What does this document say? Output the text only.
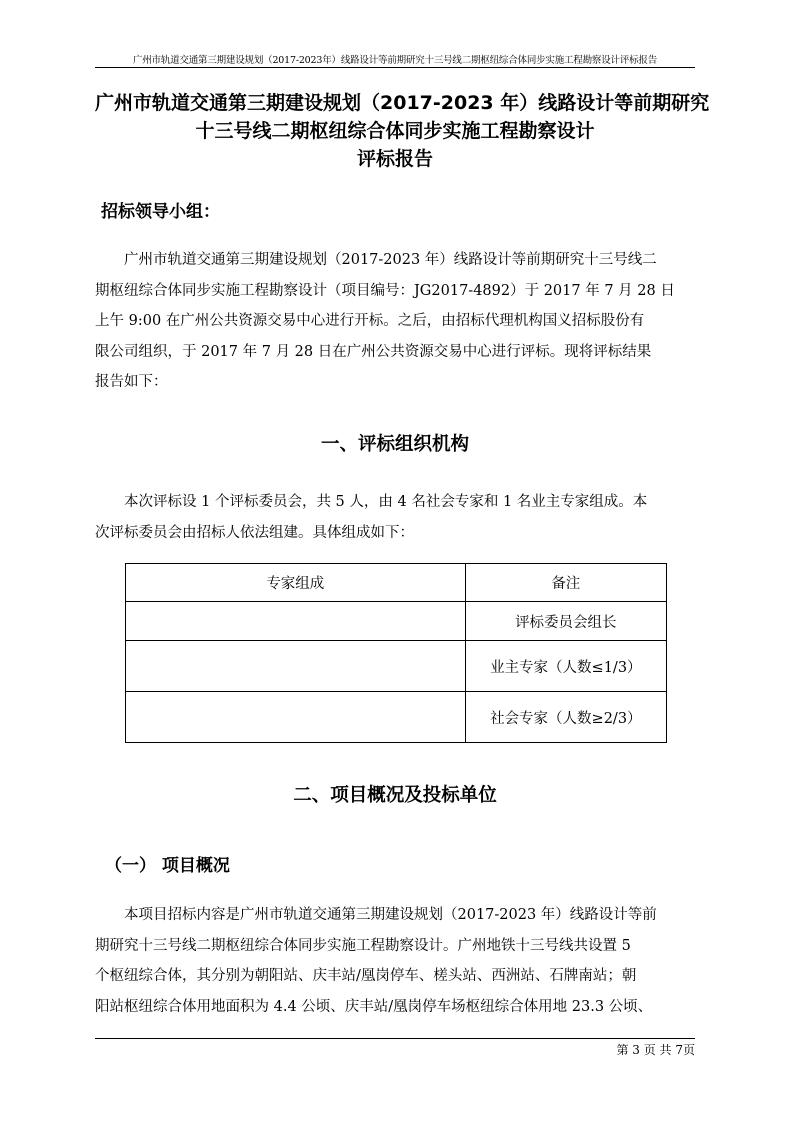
广州市轨道交通第三期建设规划（2017-2023年）线路设计等前期研究十三号线二期枢纽综合体同步实施工程勘察设计评标报告
广州市轨道交通第三期建设规划（2017-2023 年）线路设计等前期研究
十三号线二期枢纽综合体同步实施工程勘察设计
评标报告
招标领导小组：
广州市轨道交通第三期建设规划（2017-2023 年）线路设计等前期研究十三号线二
期枢纽综合体同步实施工程勘察设计（项目编号：JG2017-4892）于 2017 年 7 月 28 日
上午 9:00 在广州公共资源交易中心进行开标。之后，由招标代理机构国义招标股份有
限公司组织，于 2017 年 7 月 28 日在广州公共资源交易中心进行评标。现将评标结果
报告如下：
一、评标组织机构
本次评标设 1 个评标委员会，共 5 人，由 4 名社会专家和 1 名业主专家组成。本
次评标委员会由招标人依法组建。具体组成如下：
专家组成	备注
	评标委员会组长
	业主专家（人数≤1/3）
	社会专家（人数≥2/3）
二、项目概况及投标单位
（一） 项目概况
本项目招标内容是广州市轨道交通第三期建设规划（2017-2023 年）线路设计等前
期研究十三号线二期枢纽综合体同步实施工程勘察设计。广州地铁十三号线共设置 5
个枢纽综合体，其分别为朝阳站、庆丰站/凰岗停车、槎头站、西洲站、石牌南站；朝
阳站枢纽综合体用地面积为 4.4 公顷、庆丰站/凰岗停车场枢纽综合体用地 23.3 公顷、
第 3 页 共 7页
